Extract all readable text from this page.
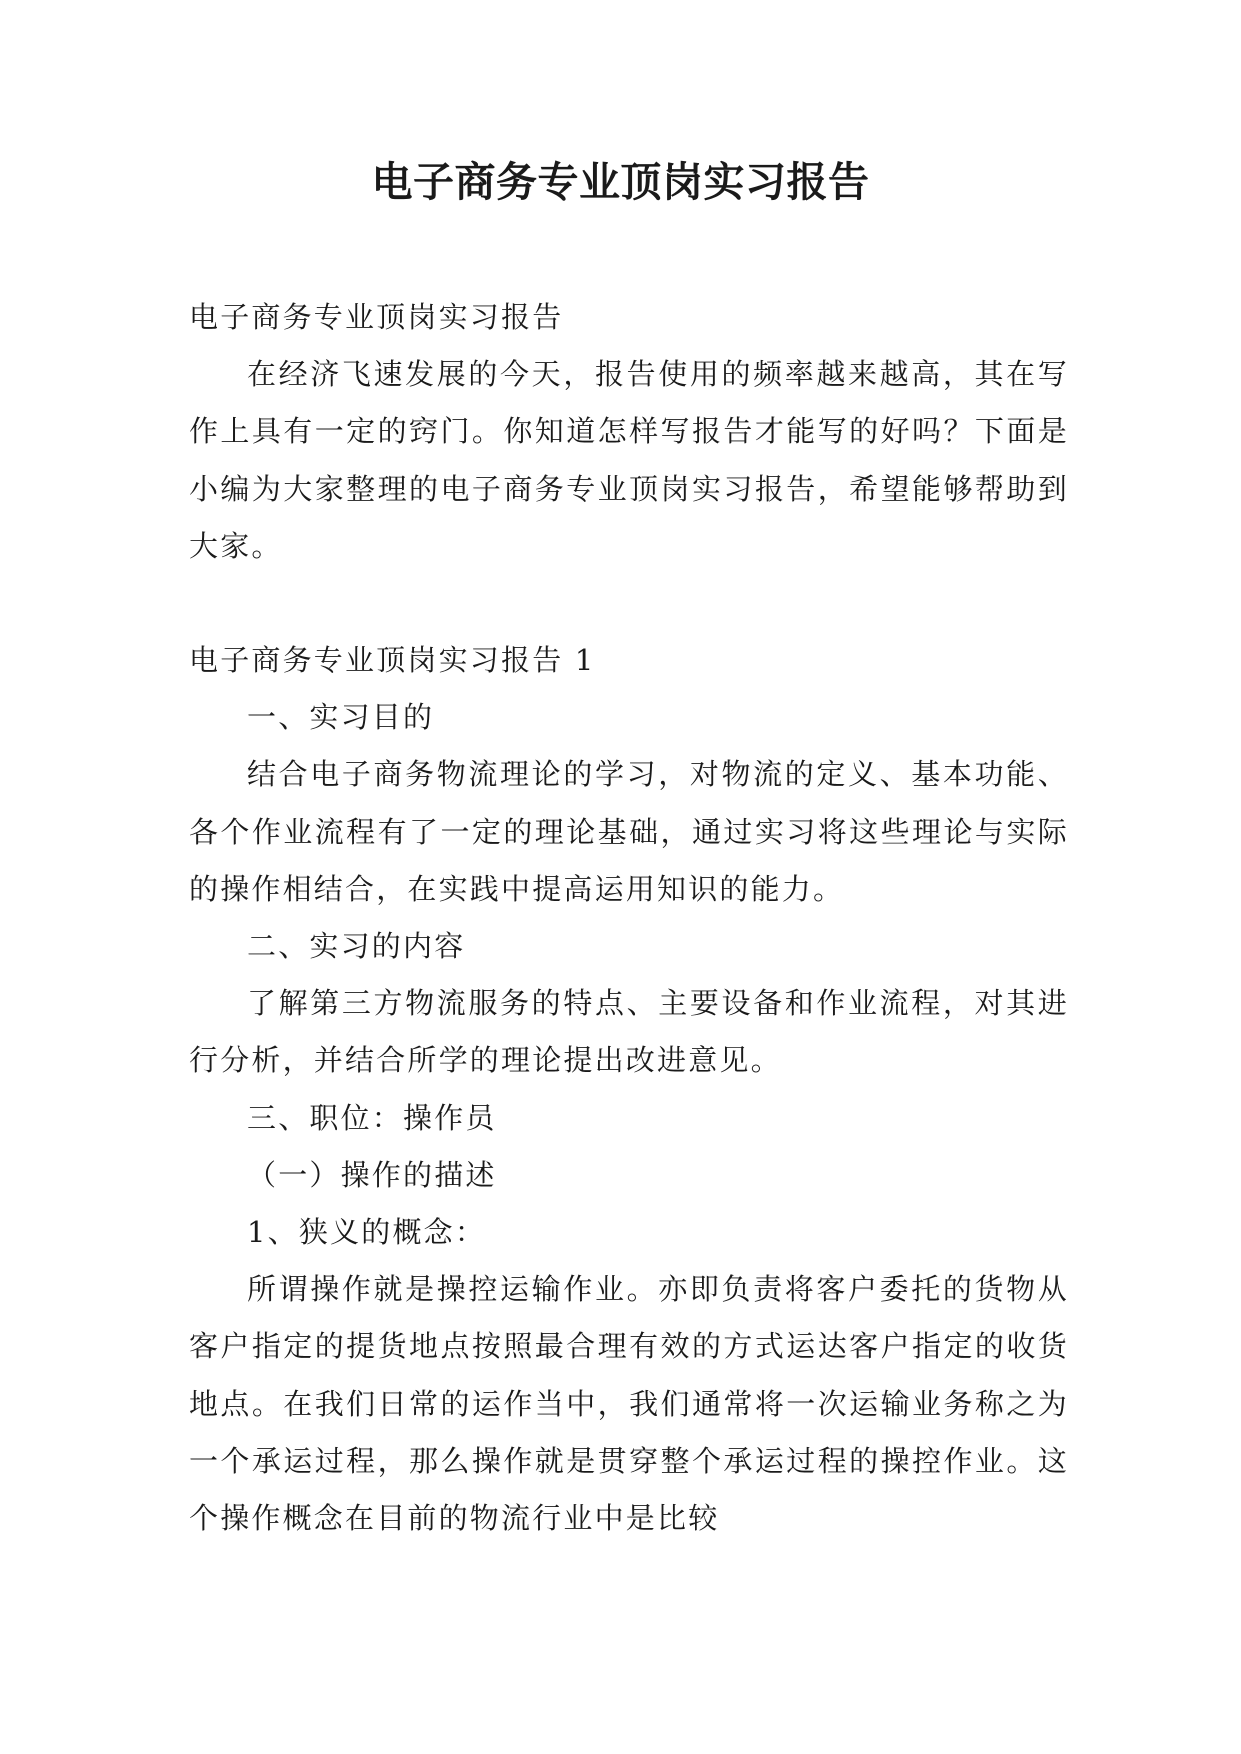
电子商务专业顶岗实习报告

电子商务专业顶岗实习报告

在经济飞速发展的今天，报告使用的频率越来越高，其在写作上具有一定的窍门。你知道怎样写报告才能写的好吗？下面是小编为大家整理的电子商务专业顶岗实习报告，希望能够帮助到大家。

电子商务专业顶岗实习报告 1

一、实习目的

结合电子商务物流理论的学习，对物流的定义、基本功能、各个作业流程有了一定的理论基础，通过实习将这些理论与实际的操作相结合，在实践中提高运用知识的能力。

二、实习的内容

了解第三方物流服务的特点、主要设备和作业流程，对其进行分析，并结合所学的理论提出改进意见。

三、职位：操作员

（一）操作的描述

1、狭义的概念：

所谓操作就是操控运输作业。亦即负责将客户委托的货物从客户指定的提货地点按照最合理有效的方式运达客户指定的收货地点。在我们日常的运作当中，我们通常将一次运输业务称之为一个承运过程，那么操作就是贯穿整个承运过程的操控作业。这个操作概念在目前的物流行业中是比较
